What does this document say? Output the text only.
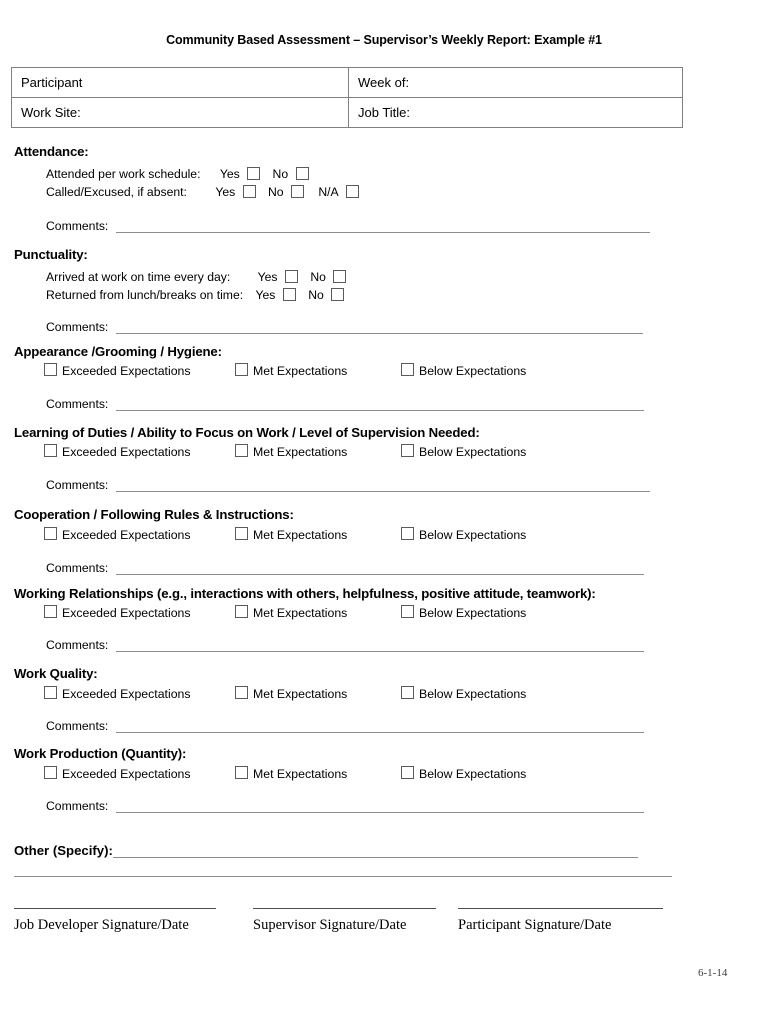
Community Based Assessment – Supervisor’s Weekly Report: Example #1
Participant	Week of:
Work Site:	Job Title:
Attendance:
Attended per work schedule: Yes	No
Called/Excused, if absent: Yes	No	N/A
Comments:
Punctuality:
Arrived at work on time every day: Yes	No
Returned from lunch/breaks on time: Yes	No
Comments:
Appearance /Grooming / Hygiene:
Exceeded Expectations	Met Expectations	Below Expectations
Comments:
Learning of Duties / Ability to Focus on Work / Level of Supervision Needed:
Exceeded Expectations	Met Expectations	Below Expectations
Comments:
Cooperation / Following Rules & Instructions:
Exceeded Expectations	Met Expectations	Below Expectations
Comments:
Working Relationships (e.g., interactions with others, helpfulness, positive attitude, teamwork):
Exceeded Expectations	Met Expectations	Below Expectations
Comments:
Work Quality:
Exceeded Expectations	Met Expectations	Below Expectations
Comments:
Work Production (Quantity):
Exceeded Expectations	Met Expectations	Below Expectations
Comments:
Other (Specify):
Job Developer Signature/Date	Supervisor Signature/Date	Participant Signature/Date
6-1-14
